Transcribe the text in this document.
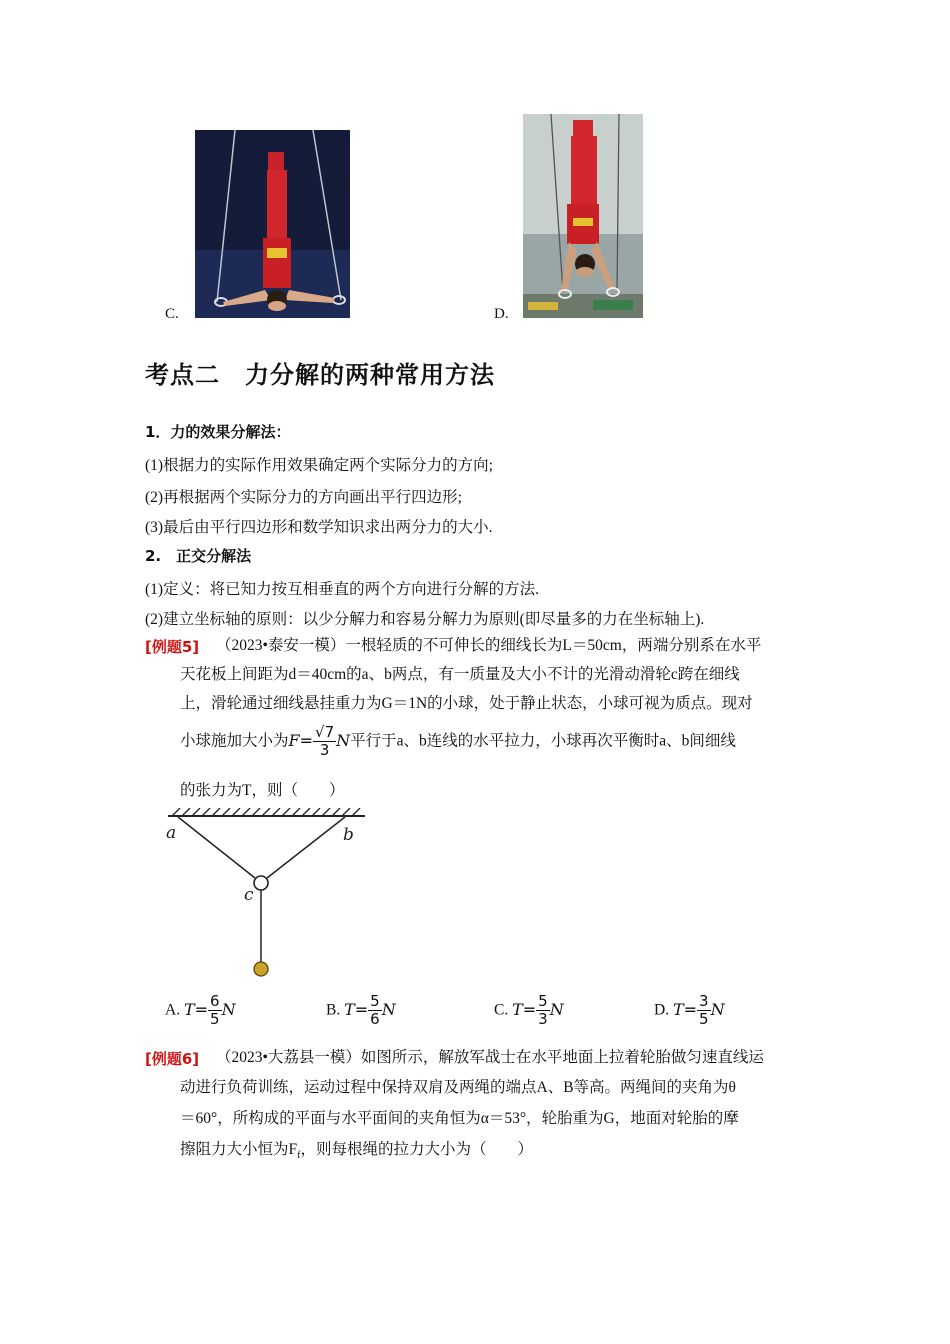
C.	D.
考点二　力分解的两种常用方法
1．力的效果分解法：
(1)根据力的实际作用效果确定两个实际分力的方向;
(2)再根据两个实际分力的方向画出平行四边形;
(3)最后由平行四边形和数学知识求出两分力的大小.
2.　正交分解法
(1)定义：将已知力按互相垂直的两个方向进行分解的方法.
(2)建立坐标轴的原则：以少分解力和容易分解力为原则(即尽量多的力在坐标轴上).
[例题5] （2023•泰安一模）一根轻质的不可伸长的细线长为L＝50cm，两端分别系在水平
天花板上间距为d＝40cm的a、b两点，有一质量及大小不计的光滑动滑轮c跨在细线
上，滑轮通过细线悬挂重力为G＝1N的小球，处于静止状态，小球可视为质点。现对
小球施加大小为$F= \frac{√7}{3}$ N平行于a、b连线的水平拉力，小球再次平衡时a、b间细线
的张力为T，则（　　）
a	b
c
A. $T= \frac{6}{5}$ N	B. $T= \frac{5}{6}$ N	C. $T= \frac{5}{3}$ N	D. $T= \frac{3}{5}$ N
[例题6] （2023•大荔县一模）如图所示，解放军战士在水平地面上拉着轮胎做匀速直线运
动进行负荷训练，运动过程中保持双肩及两绳的端点A、B等高。两绳间的夹角为θ
＝60°，所构成的平面与水平面间的夹角恒为α＝53°，轮胎重为G，地面对轮胎的摩
擦阻力大小恒为$F_f$，则每根绳的拉力大小为（　　）
